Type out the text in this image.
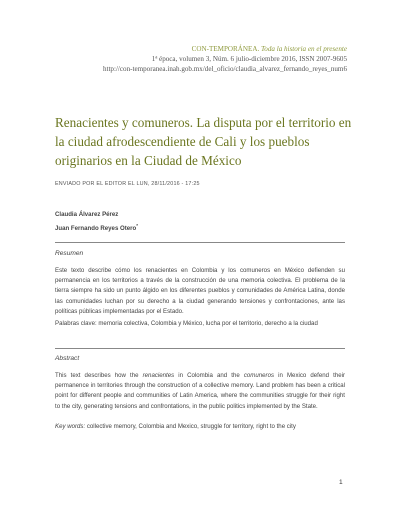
CON-TEMPORÁNEA. Toda la historia en el presente
1ª época, volumen 3, Núm. 6 julio-diciembre 2016, ISSN 2007-9605
http://con-temporanea.inah.gob.mx/del_oficio/claudia_alvarez_fernando_reyes_num6
Renacientes y comuneros. La disputa por el territorio en la ciudad afrodescendiente de Cali y los pueblos originarios en la Ciudad de México
ENVIADO POR EL EDITOR EL LUN, 28/11/2016 - 17:25
Claudia Álvarez Pérez
Juan Fernando Reyes Otero*
Resumen

Este texto describe cómo los renacientes en Colombia y los comuneros en México defienden su permanencia en los territorios a través de la construcción de una memoria colectiva. El problema de la tierra siempre ha sido un punto álgido en los diferentes pueblos y comunidades de América Latina, donde las comunidades luchan por su derecho a la ciudad generando tensiones y confrontaciones, ante las políticas públicas implementadas por el Estado.

Palabras clave: memoria colectiva, Colombia y México, lucha por el territorio, derecho a la ciudad

Abstract

This text describes how the renacientes in Colombia and the comuneros in Mexico defend their permanence in territories through the construction of a collective memory. Land problem has been a critical point for different people and communities of Latin America, where the communities struggle for their right to the city, generating tensions and confrontations, in the public politics implemented by the State.

Key words: collective memory, Colombia and Mexico, struggle for territory, right to the city

1
